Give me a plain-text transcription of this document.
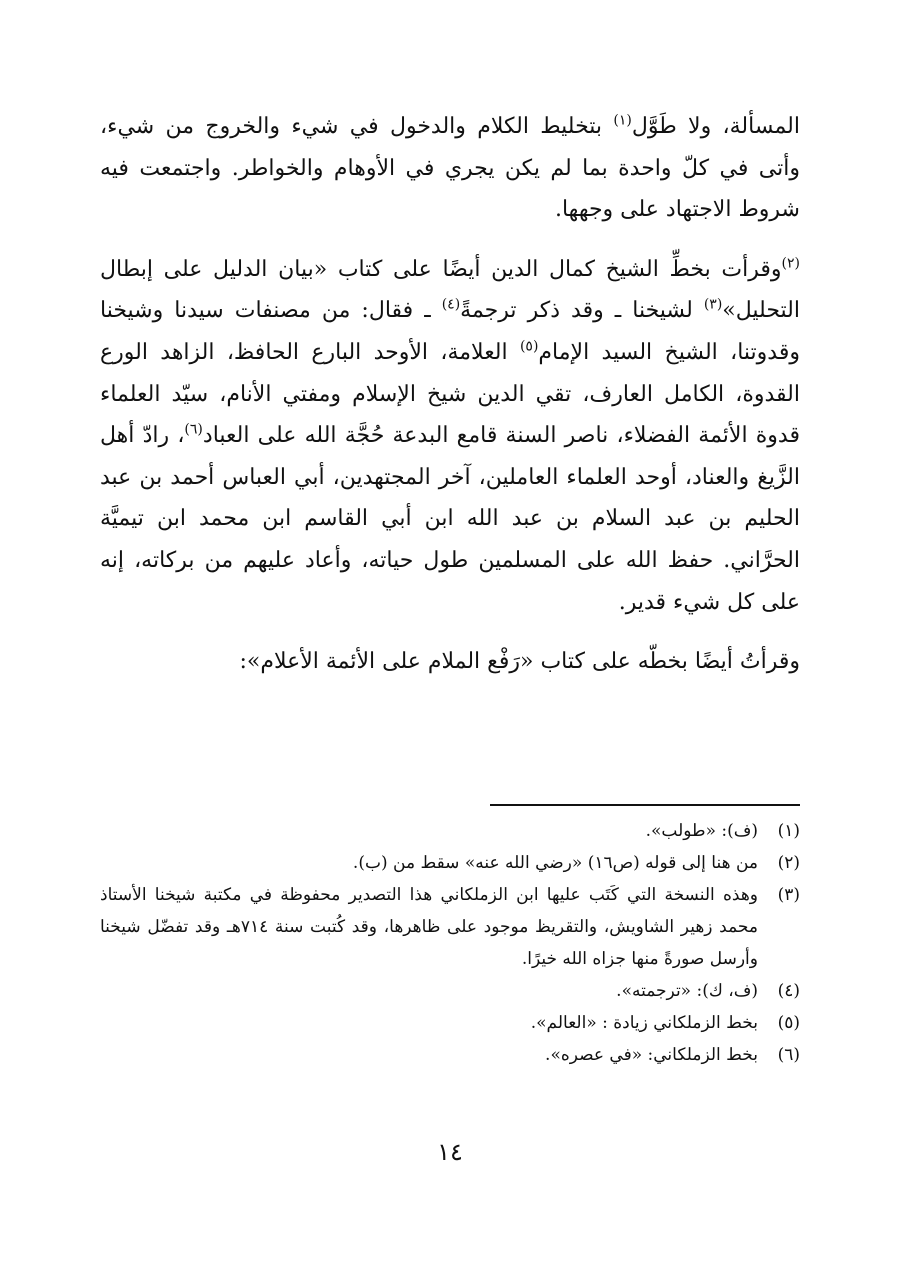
المسألة، ولا طَوَّل$^{(١)}$ بتخليط الكلام والدخول في شيء والخروج من شيء، وأتى في كلّ واحدة بما لم يكن يجري في الأوهام والخواطر. واجتمعت فيه شروط الاجتهاد على وجهها.

$^{(٢)}$وقرأت بخطِّ الشيخ كمال الدين أيضًا على كتاب «بيان الدليل على إبطال التحليل»$^{(٣)}$ لشيخنا ـ وقد ذكر ترجمةً$^{(٤)}$ ـ فقال: من مصنفات سيدنا وشيخنا وقدوتنا، الشيخ السيد الإمام$^{(٥)}$ العلامة، الأوحد البارع الحافظ، الزاهد الورع القدوة، الكامل العارف، تقي الدين شيخ الإسلام ومفتي الأنام، سيّد العلماء قدوة الأئمة الفضلاء، ناصر السنة قامع البدعة حُجَّة الله على العباد$^{(٦)}$، رادّ أهل الزَّيغ والعناد، أوحد العلماء العاملين، آخر المجتهدين، أبي العباس أحمد بن عبد الحليم بن عبد السلام بن عبد الله ابن أبي القاسم ابن محمد ابن تيميَّة الحرَّاني. حفظ الله على المسلمين طول حياته، وأعاد عليهم من بركاته، إنه على كل شيء قدير.

وقرأتُ أيضًا بخطّه على كتاب «رَفْع الملام على الأئمة الأعلام»:

(١)
(ف): «طولب».
(٢)
من هنا إلى قوله (ص١٦) «رضي الله عنه» سقط من (ب).
(٣)
وهذه النسخة التي كَتَب عليها ابن الزملكاني هذا التصدير محفوظة في مكتبة شيخنا الأستاذ محمد زهير الشاويش، والتقريظ موجود على ظاهرها، وقد كُتبت سنة ٧١٤هـ وقد تفضّل شيخنا وأرسل صورةً منها جزاه الله خيرًا.
(٤)
(ف، ك): «ترجمته».
(٥)
بخط الزملكاني زيادة : «العالم».
(٦)
بخط الزملكاني: «في عصره».
١٤
